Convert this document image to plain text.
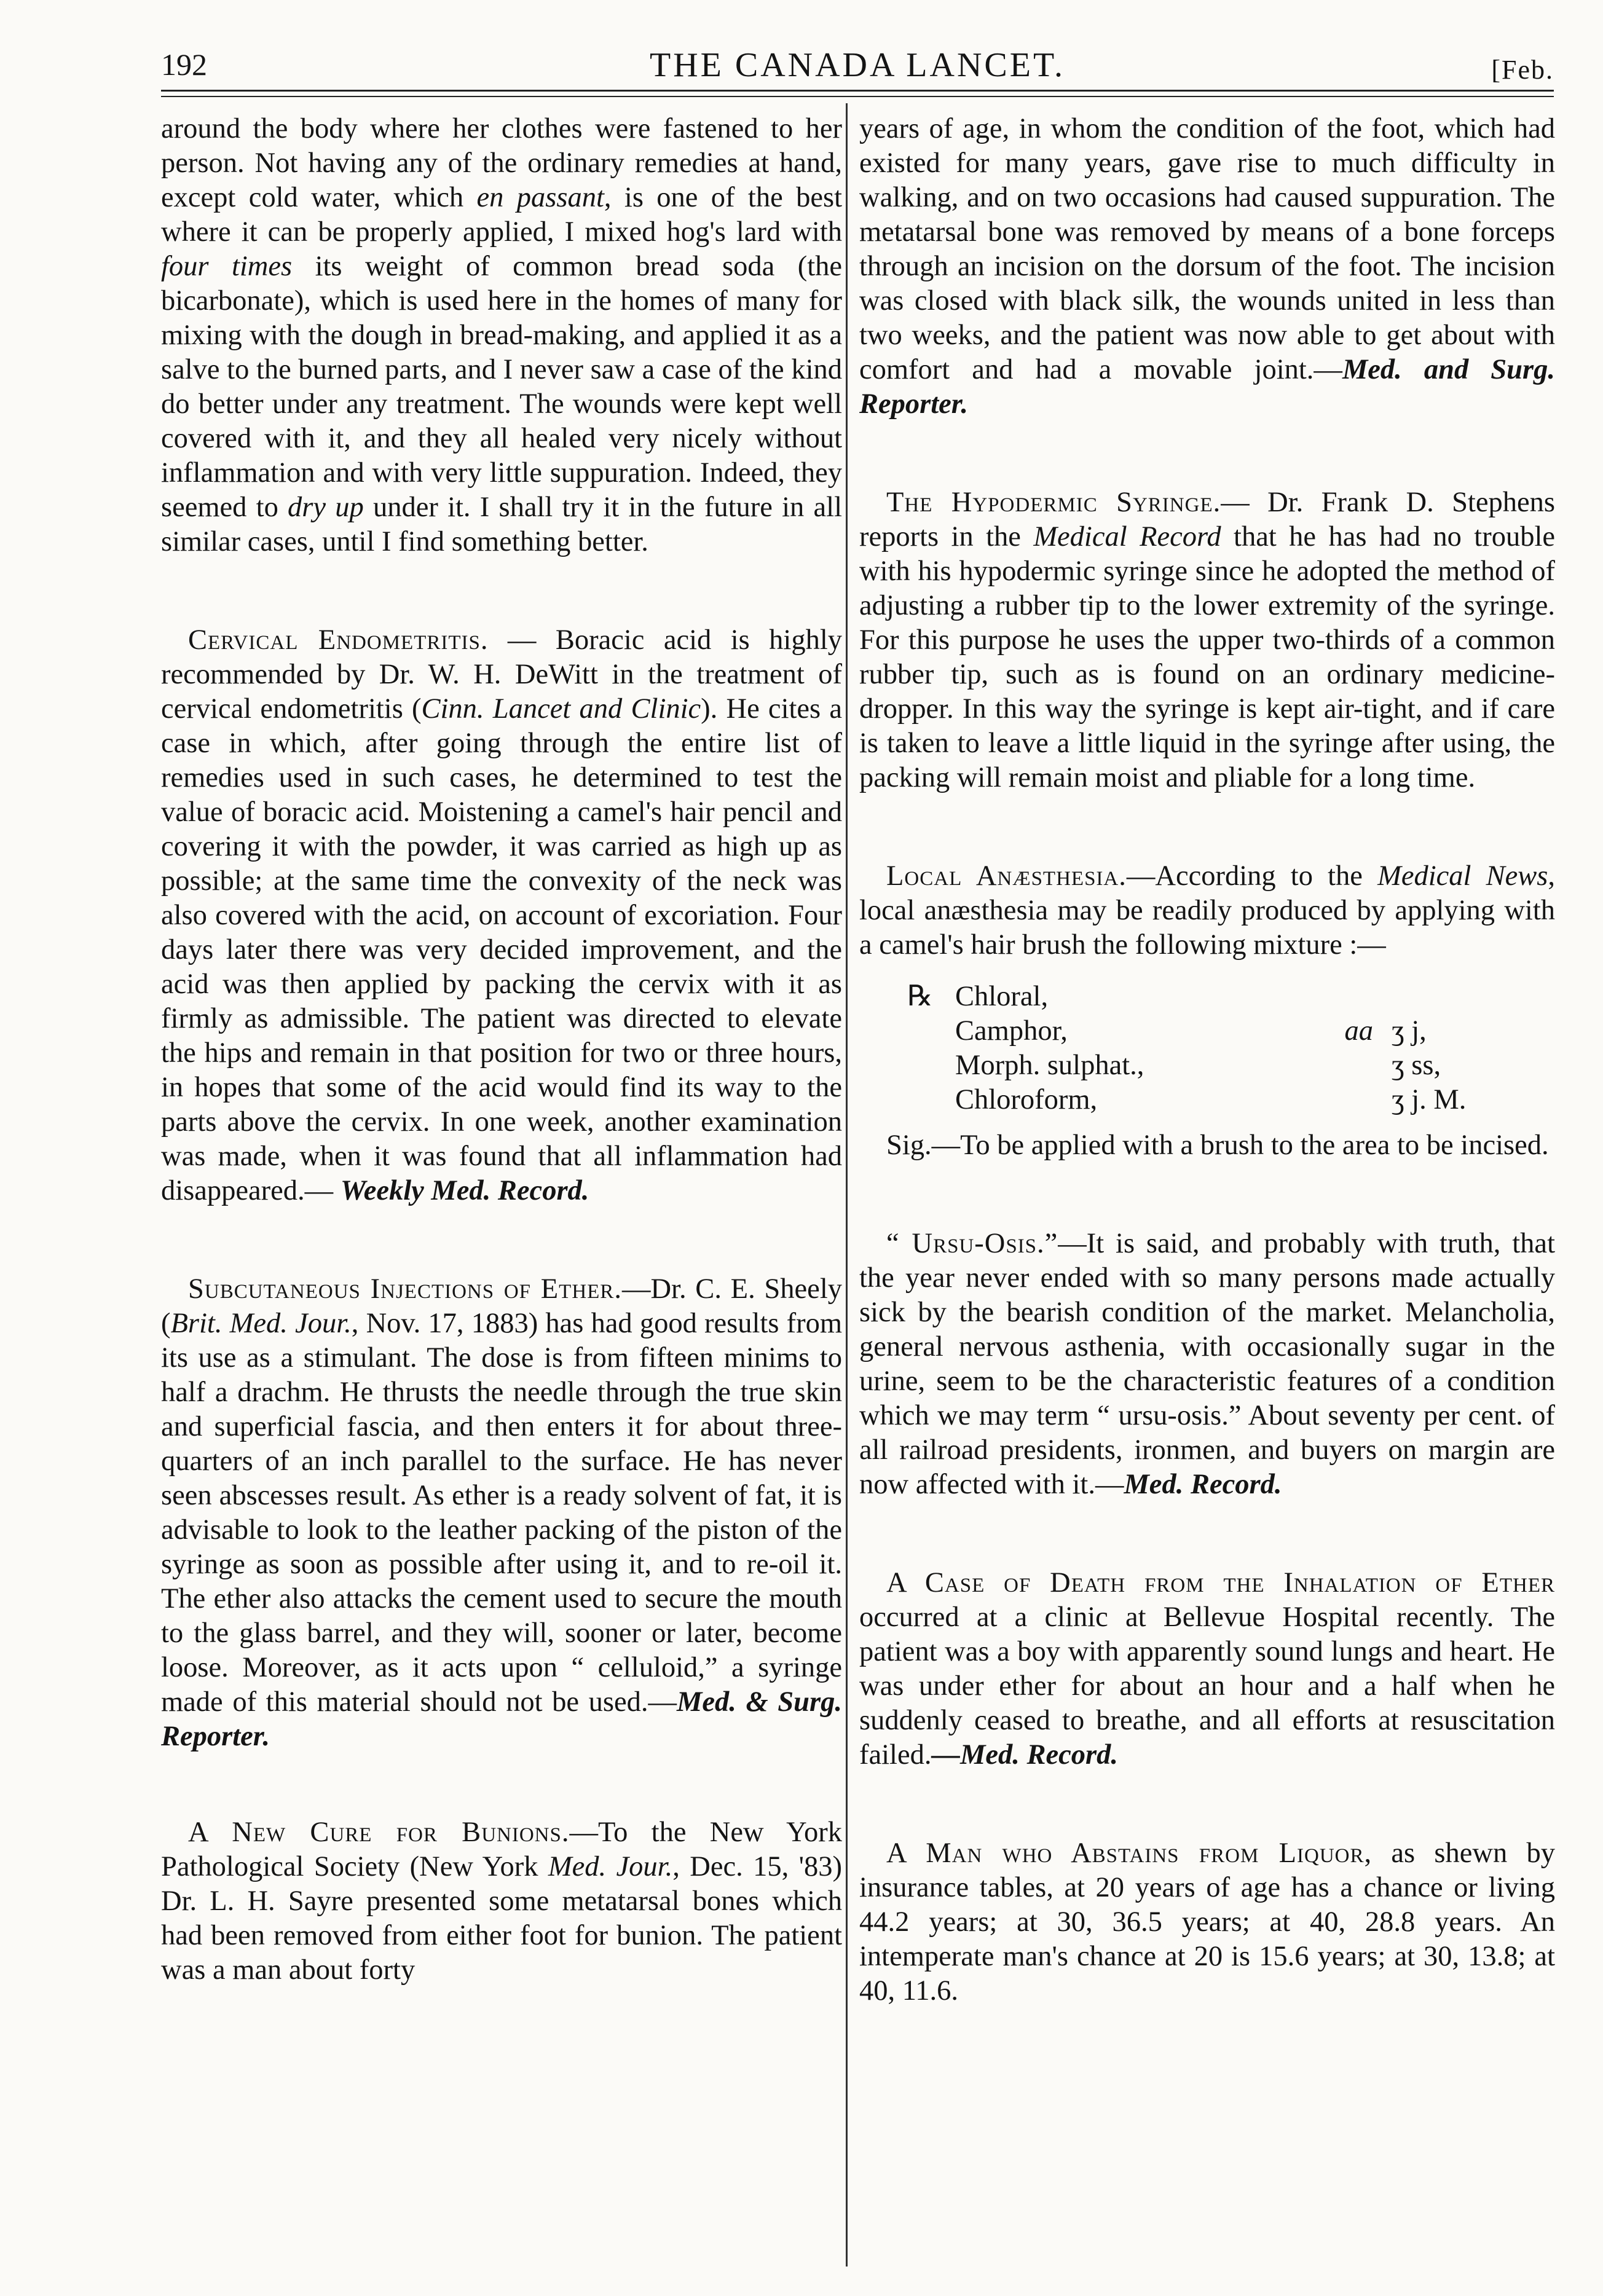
192	THE CANADA LANCET.	[Feb.

around the body where her clothes were fastened to her person. Not having any of the ordinary remedies at hand, except cold water, which en passant, is one of the best where it can be properly applied, I mixed hog's lard with four times its weight of common bread soda (the bicarbonate), which is used here in the homes of many for mixing with the dough in bread-making, and applied it as a salve to the burned parts, and I never saw a case of the kind do better under any treatment. The wounds were kept well covered with it, and they all healed very nicely without inflammation and with very little suppuration. Indeed, they seemed to dry up under it. I shall try it in the future in all similar cases, until I find something better.

Cervical Endometritis. — Boracic acid is highly recommended by Dr. W. H. DeWitt in the treatment of cervical endometritis (Cinn. Lancet and Clinic). He cites a case in which, after going through the entire list of remedies used in such cases, he determined to test the value of boracic acid. Moistening a camel's hair pencil and covering it with the powder, it was carried as high up as possible; at the same time the convexity of the neck was also covered with the acid, on account of excoriation. Four days later there was very decided improvement, and the acid was then applied by packing the cervix with it as firmly as admissible. The patient was directed to elevate the hips and remain in that position for two or three hours, in hopes that some of the acid would find its way to the parts above the cervix. In one week, another examination was made, when it was found that all inflammation had disappeared.— Weekly Med. Record.

Subcutaneous Injections of Ether.—Dr. C. E. Sheely (Brit. Med. Jour., Nov. 17, 1883) has had good results from its use as a stimulant. The dose is from fifteen minims to half a drachm. He thrusts the needle through the true skin and superficial fascia, and then enters it for about three-quarters of an inch parallel to the surface. He has never seen abscesses result. As ether is a ready solvent of fat, it is advisable to look to the leather packing of the piston of the syringe as soon as possible after using it, and to re-oil it. The ether also attacks the cement used to secure the mouth to the glass barrel, and they will, sooner or later, become loose. Moreover, as it acts upon “ celluloid,” a syringe made of this material should not be used.—Med. & Surg. Reporter.

A New Cure for Bunions.—To the New York Pathological Society (New York Med. Jour., Dec. 15, '83) Dr. L. H. Sayre presented some metatarsal bones which had been removed from either foot for bunion. The patient was a man about forty

years of age, in whom the condition of the foot, which had existed for many years, gave rise to much difficulty in walking, and on two occasions had caused suppuration. The metatarsal bone was removed by means of a bone forceps through an incision on the dorsum of the foot. The incision was closed with black silk, the wounds united in less than two weeks, and the patient was now able to get about with comfort and had a movable joint.—Med. and Surg. Reporter.

The Hypodermic Syringe.— Dr. Frank D. Stephens reports in the Medical Record that he has had no trouble with his hypodermic syringe since he adopted the method of adjusting a rubber tip to the lower extremity of the syringe. For this purpose he uses the upper two-thirds of a common rubber tip, such as is found on an ordinary medicine-dropper. In this way the syringe is kept air-tight, and if care is taken to leave a little liquid in the syringe after using, the packing will remain moist and pliable for a long time.

Local Anæsthesia.—According to the Medical News, local anæsthesia may be readily produced by applying with a camel's hair brush the following mixture :—

℞ Chloral,
Camphor,	aa ʒ j,
Morph. sulphat.,	ʒ ss,
Chloroform,	ʒ j. M.

Sig.—To be applied with a brush to the area to be incised.

“ Ursu-Osis.”—It is said, and probably with truth, that the year never ended with so many persons made actually sick by the bearish condition of the market. Melancholia, general nervous asthenia, with occasionally sugar in the urine, seem to be the characteristic features of a condition which we may term “ ursu-osis.” About seventy per cent. of all railroad presidents, ironmen, and buyers on margin are now affected with it.—Med. Record.

A Case of Death from the Inhalation of Ether occurred at a clinic at Bellevue Hospital recently. The patient was a boy with apparently sound lungs and heart. He was under ether for about an hour and a half when he suddenly ceased to breathe, and all efforts at resuscitation failed.—Med. Record.

A Man who Abstains from Liquor, as shewn by insurance tables, at 20 years of age has a chance or living 44.2 years; at 30, 36.5 years; at 40, 28.8 years. An intemperate man's chance at 20 is 15.6 years; at 30, 13.8; at 40, 11.6.
